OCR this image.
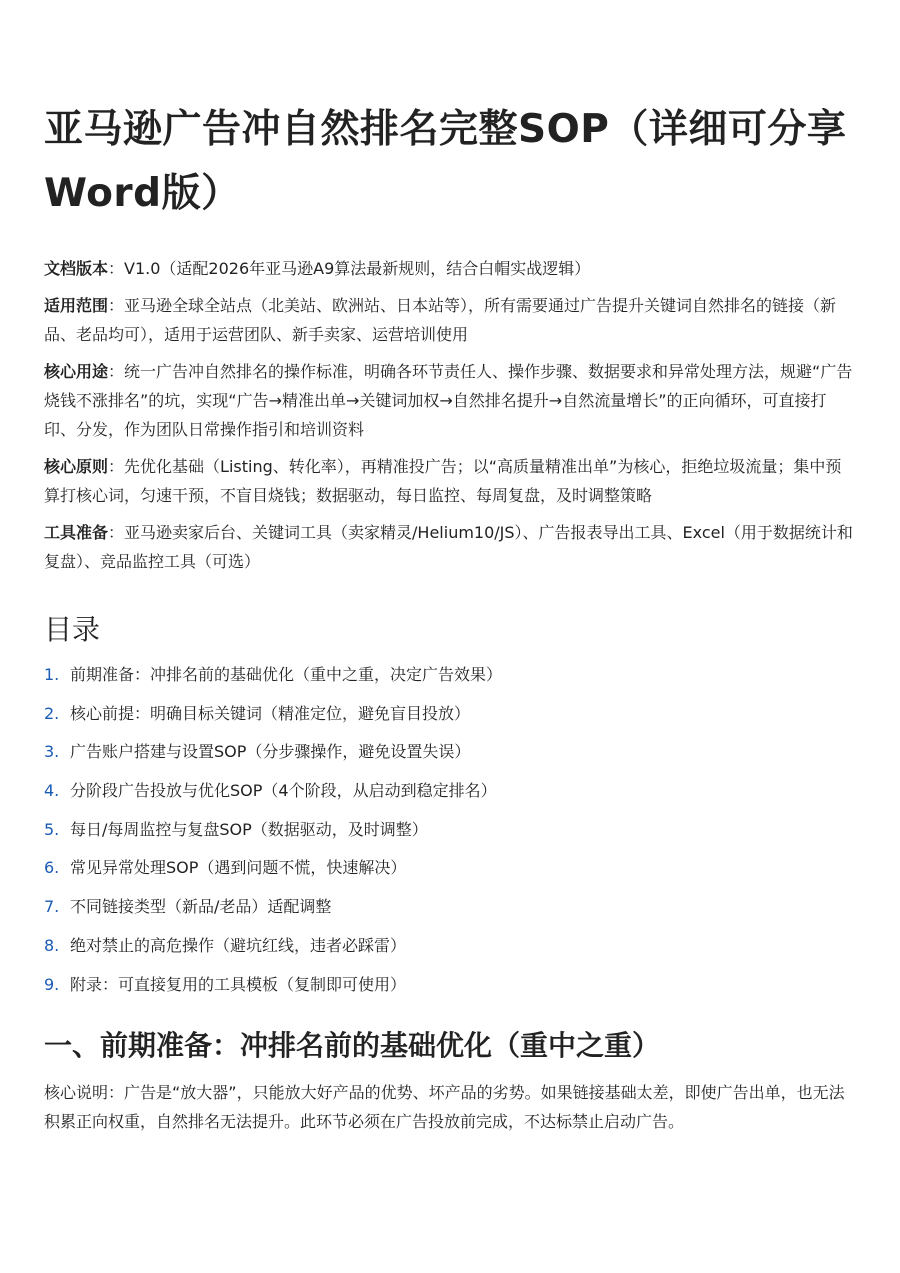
亚马逊广告冲自然排名完整SOP（详细可分享Word版）

文档版本：V1.0（适配2026年亚马逊A9算法最新规则，结合白帽实战逻辑）

适用范围：亚马逊全球全站点（北美站、欧洲站、日本站等），所有需要通过广告提升关键词自然排名的链接（新品、老品均可），适用于运营团队、新手卖家、运营培训使用

核心用途：统一广告冲自然排名的操作标准，明确各环节责任人、操作步骤、数据要求和异常处理方法，规避“广告烧钱不涨排名”的坑，实现“广告→精准出单→关键词加权→自然排名提升→自然流量增长”的正向循环，可直接打印、分发，作为团队日常操作指引和培训资料

核心原则：先优化基础（Listing、转化率），再精准投广告；以“高质量精准出单”为核心，拒绝垃圾流量；集中预算打核心词，匀速干预，不盲目烧钱；数据驱动，每日监控、每周复盘，及时调整策略

工具准备：亚马逊卖家后台、关键词工具（卖家精灵/Helium10/JS）、广告报表导出工具、Excel（用于数据统计和复盘）、竞品监控工具（可选）

目录
1. 前期准备：冲排名前的基础优化（重中之重，决定广告效果）
2. 核心前提：明确目标关键词（精准定位，避免盲目投放）
3. 广告账户搭建与设置SOP（分步骤操作，避免设置失误）
4. 分阶段广告投放与优化SOP（4个阶段，从启动到稳定排名）
5. 每日/每周监控与复盘SOP（数据驱动，及时调整）
6. 常见异常处理SOP（遇到问题不慌，快速解决）
7. 不同链接类型（新品/老品）适配调整
8. 绝对禁止的高危操作（避坑红线，违者必踩雷）
9. 附录：可直接复用的工具模板（复制即可使用）
一、前期准备：冲排名前的基础优化（重中之重）

核心说明：广告是“放大器”，只能放大好产品的优势、坏产品的劣势。如果链接基础太差，即使广告出单，也无法积累正向权重，自然排名无法提升。此环节必须在广告投放前完成，不达标禁止启动广告。
